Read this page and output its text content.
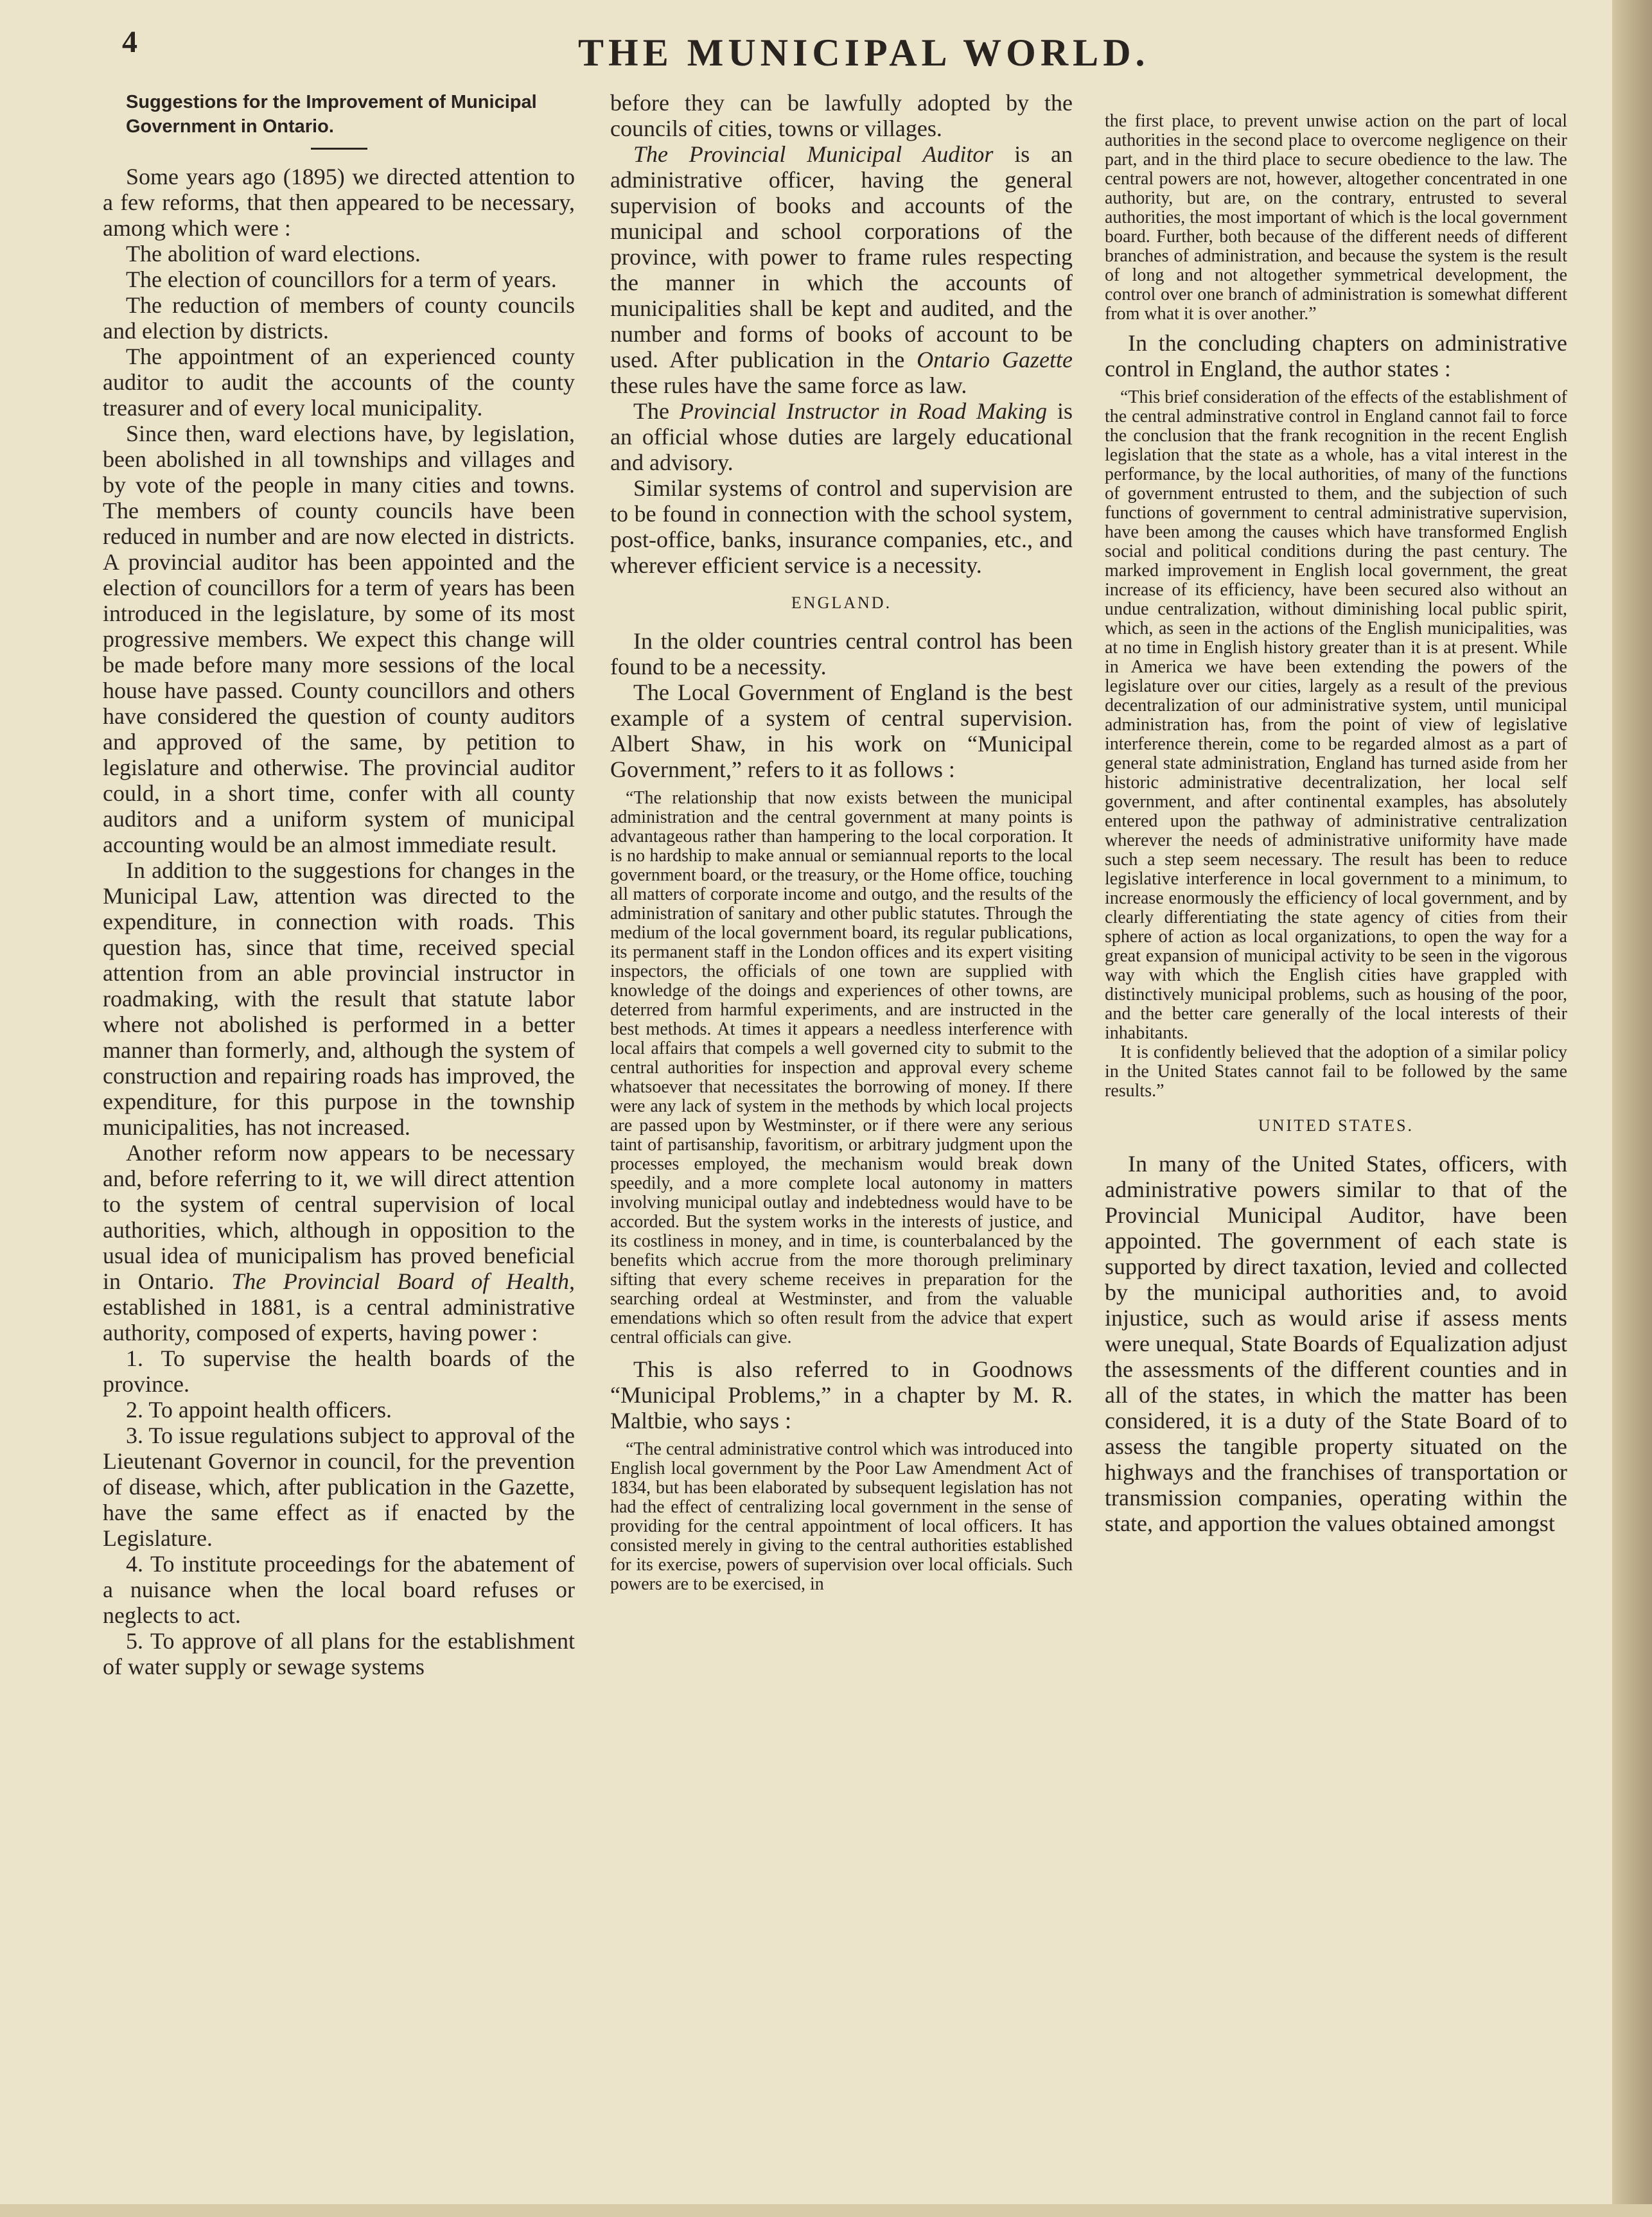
4	THE MUNICIPAL WORLD.

Suggestions for the Improvement of Municipal

Government in Ontario.

Some years ago (1895) we directed attention to a few reforms, that then appeared to be necessary, among which were :

The abolition of ward elections.

The election of councillors for a term of years.

The reduction of members of county councils and election by districts.

The appointment of an experienced county auditor to audit the accounts of the county treasurer and of every local municipality.

Since then, ward elections have, by legislation, been abolished in all townships and villages and by vote of the people in many cities and towns. The members of county councils have been reduced in number and are now elected in districts. A provincial auditor has been appointed and the election of councillors for a term of years has been introduced in the legislature, by some of its most progressive members. We expect this change will be made before many more sessions of the local house have passed. County councillors and others have considered the question of county auditors and approved of the same, by petition to legislature and otherwise. The provincial auditor could, in a short time, confer with all county auditors and a uniform system of municipal accounting would be an almost immediate result.

In addition to the suggestions for changes in the Municipal Law, attention was directed to the expenditure, in connection with roads. This question has, since that time, received special attention from an able provincial instructor in roadmaking, with the result that statute labor where not abolished is performed in a better manner than formerly, and, although the system of construction and repairing roads has improved, the expenditure, for this purpose in the township municipalities, has not increased.

Another reform now appears to be necessary and, before referring to it, we will direct attention to the system of central supervision of local authorities, which, although in opposition to the usual idea of municipalism has proved beneficial in Ontario. The Provincial Board of Health, established in 1881, is a central administrative authority, composed of experts, having power :

1. To supervise the health boards of the province.

2. To appoint health officers.

3. To issue regulations subject to approval of the Lieutenant Governor in council, for the prevention of disease, which, after publication in the Gazette, have the same effect as if enacted by the Legislature.

4. To institute proceedings for the abatement of a nuisance when the local board refuses or neglects to act.

5. To approve of all plans for the establishment of water supply or sewage systems

before they can be lawfully adopted by the councils of cities, towns or villages.

The Provincial Municipal Auditor is an administrative officer, having the general supervision of books and accounts of the municipal and school corporations of the province, with power to frame rules respecting the manner in which the accounts of municipalities shall be kept and audited, and the number and forms of books of account to be used. After publication in the Ontario Gazette these rules have the same force as law.

The Provincial Instructor in Road Making is an official whose duties are largely educational and advisory.

Similar systems of control and supervision are to be found in connection with the school system, post-office, banks, insurance companies, etc., and wherever efficient service is a necessity.

ENGLAND.

In the older countries central control has been found to be a necessity.

The Local Government of England is the best example of a system of central supervision. Albert Shaw, in his work on “Municipal Government,” refers to it as follows :

“The relationship that now exists between the municipal administration and the central government at many points is advantageous rather than hampering to the local corporation. It is no hardship to make annual or semiannual reports to the local government board, or the treasury, or the Home office, touching all matters of corporate income and outgo, and the results of the administration of sanitary and other public statutes. Through the medium of the local government board, its regular publications, its permanent staff in the London offices and its expert visiting inspectors, the officials of one town are supplied with knowledge of the doings and experiences of other towns, are deterred from harmful experiments, and are instructed in the best methods. At times it appears a needless interference with local affairs that compels a well governed city to submit to the central authorities for inspection and approval every scheme whatsoever that necessitates the borrowing of money. If there were any lack of system in the methods by which local projects are passed upon by Westminster, or if there were any serious taint of partisanship, favoritism, or arbitrary judgment upon the processes employed, the mechanism would break down speedily, and a more complete local autonomy in matters involving municipal outlay and indebtedness would have to be accorded. But the system works in the interests of justice, and its costliness in money, and in time, is counterbalanced by the benefits which accrue from the more thorough preliminary sifting that every scheme receives in preparation for the searching ordeal at Westminster, and from the valuable emendations which so often result from the advice that expert central officials can give.

This is also referred to in Goodnows “Municipal Problems,” in a chapter by M. R. Maltbie, who says :

“The central administrative control which was introduced into English local government by the Poor Law Amendment Act of 1834, but has been elaborated by subsequent legislation has not had the effect of centralizing local government in the sense of providing for the central appointment of local officers. It has consisted merely in giving to the central authorities established for its exercise, powers of supervision over local officials. Such powers are to be exercised, in

the first place, to prevent unwise action on the part of local authorities in the second place to overcome negligence on their part, and in the third place to secure obedience to the law. The central powers are not, however, altogether concentrated in one authority, but are, on the contrary, entrusted to several authorities, the most important of which is the local government board. Further, both because of the different needs of different branches of administration, and because the system is the result of long and not altogether symmetrical development, the control over one branch of administration is somewhat different from what it is over another.”

In the concluding chapters on administrative control in England, the author states :

“This brief consideration of the effects of the establishment of the central adminstrative control in England cannot fail to force the conclusion that the frank recognition in the recent English legislation that the state as a whole, has a vital interest in the performance, by the local authorities, of many of the functions of government entrusted to them, and the subjection of such functions of government to central administrative supervision, have been among the causes which have transformed English social and political conditions during the past century. The marked improvement in English local government, the great increase of its efficiency, have been secured also without an undue centralization, without diminishing local public spirit, which, as seen in the actions of the English municipalities, was at no time in English history greater than it is at present. While in America we have been extending the powers of the legislature over our cities, largely as a result of the previous decentralization of our administrative system, until municipal administration has, from the point of view of legislative interference therein, come to be regarded almost as a part of general state administration, England has turned aside from her historic administrative decentralization, her local self government, and after continental examples, has absolutely entered upon the pathway of administrative centralization wherever the needs of administrative uniformity have made such a step seem necessary. The result has been to reduce legislative interference in local government to a minimum, to increase enormously the efficiency of local government, and by clearly differentiating the state agency of cities from their sphere of action as local organizations, to open the way for a great expansion of municipal activity to be seen in the vigorous way with which the English cities have grappled with distinctively municipal problems, such as housing of the poor, and the better care generally of the local interests of their inhabitants.

It is confidently believed that the adoption of a similar policy in the United States cannot fail to be followed by the same results.”

UNITED STATES.

In many of the United States, officers, with administrative powers similar to that of the Provincial Municipal Auditor, have been appointed. The government of each state is supported by direct taxation, levied and collected by the municipal authorities and, to avoid injustice, such as would arise if assess ments were unequal, State Boards of Equalization adjust the assessments of the different counties and in all of the states, in which the matter has been considered, it is a duty of the State Board of to assess the tangible property situated on the highways and the franchises of transportation or transmission companies, operating within the state, and apportion the values obtained amongst
